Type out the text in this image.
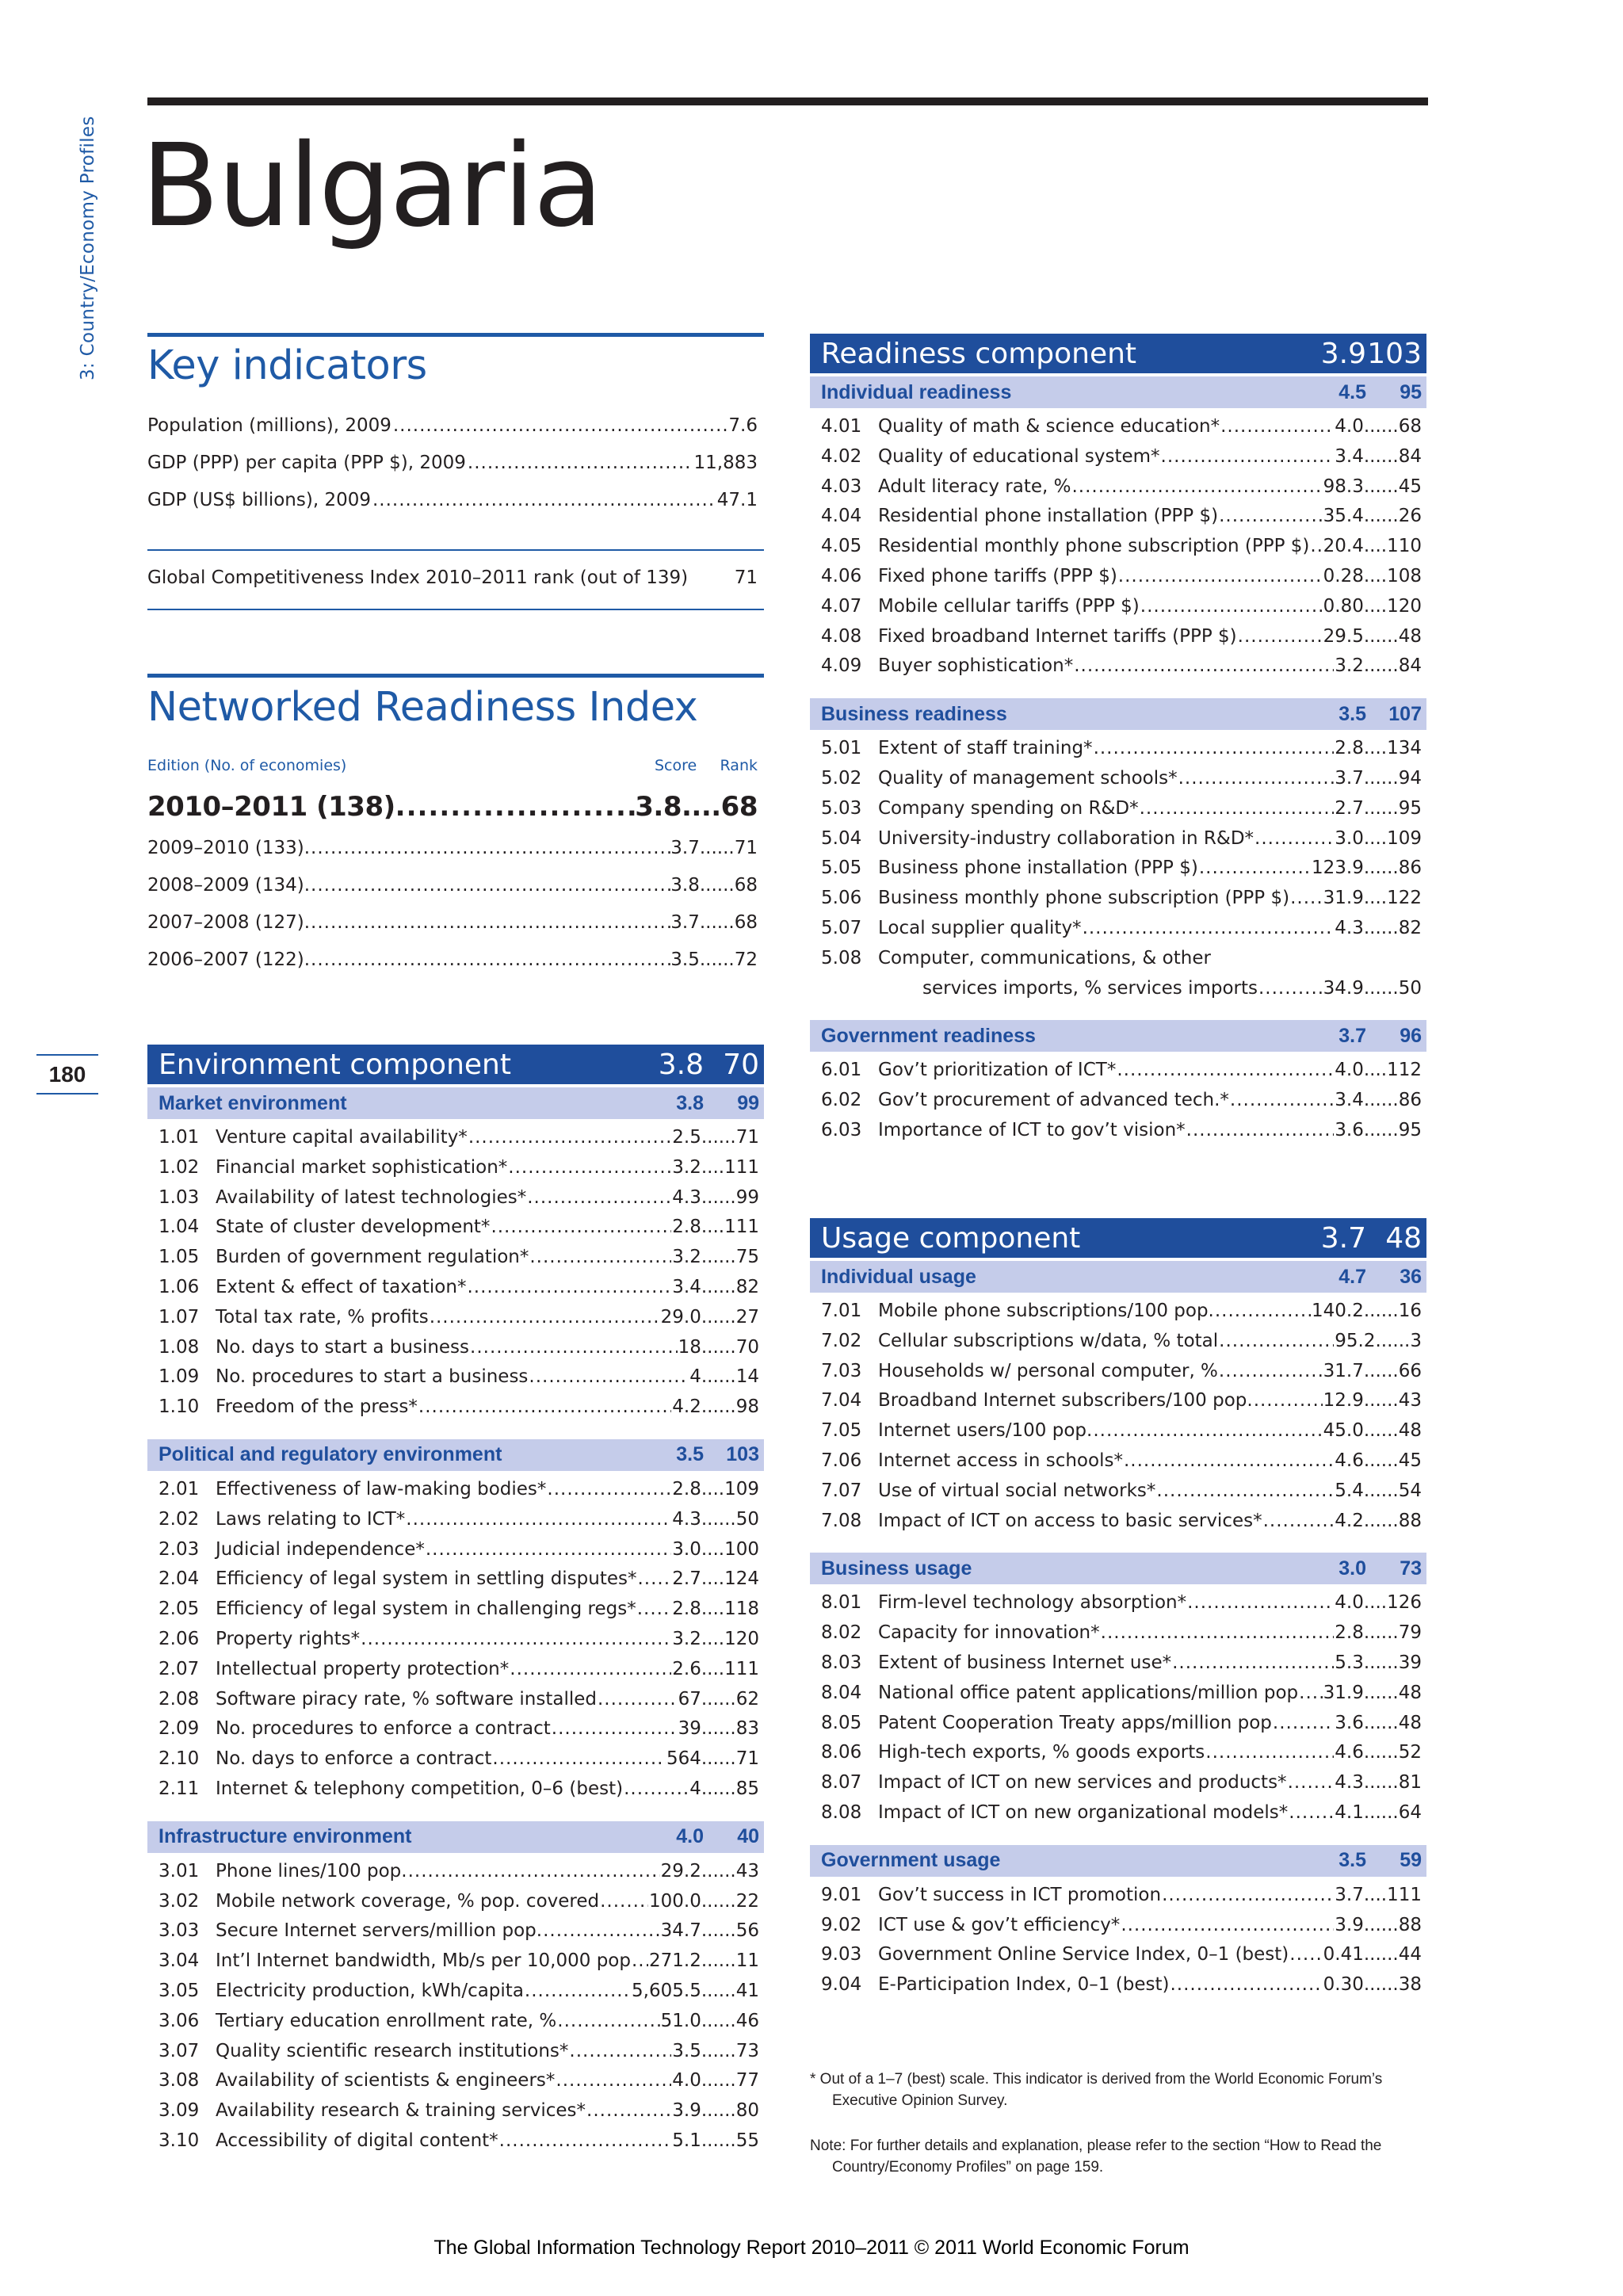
3: Country/Economy Profiles
180
Bulgaria
Key indicators
Population (millions), 2009 .....	7.6
GDP (PPP) per capita (PPP $), 2009 .....	11,883
GDP (US$ billions), 2009 .....	47.1
Global Competitiveness Index 2010–2011 rank (out of 139)	71
Networked Readiness Index
Edition (No. of economies)	Score	Rank
2010–2011 (138) .....	3.8 .... 68
2009–2010 (133) .....	3.7 ...... 71
2008–2009 (134) .....	3.8 ...... 68
2007–2008 (127) .....	3.7 ...... 68
2006–2007 (122) .....	3.5 ...... 72
Environment component	3.8 70
Market environment	3.8	99
1.01 Venture capital availability* .....	2.5 ...... 71
1.02 Financial market sophistication* .....	3.2 .... 111
1.03 Availability of latest technologies* .....	4.3 ...... 99
1.04 State of cluster development* .....	2.8 .... 111
1.05 Burden of government regulation* .....	3.2 ...... 75
1.06 Extent & effect of taxation* .....	3.4 ...... 82
1.07 Total tax rate, % profits .....	29.0 ...... 27
1.08 No. days to start a business .....	18 ...... 70
1.09 No. procedures to start a business .....	4 ...... 14
1.10 Freedom of the press* .....	4.2 ...... 98
Political and regulatory environment	3.5	103
2.01 Effectiveness of law-making bodies* .....	2.8 .... 109
2.02 Laws relating to ICT* .....	4.3 ...... 50
2.03 Judicial independence* .....	3.0 .... 100
2.04 Efficiency of legal system in settling disputes* ..... 2.7 .... 124
2.05 Efficiency of legal system in challenging regs* ..... 2.8 .... 118
2.06 Property rights* .....	3.2 .... 120
2.07 Intellectual property protection* .....	2.6 .... 111
2.08 Software piracy rate, % software installed .....	67 ...... 62
2.09 No. procedures to enforce a contract .....	39 ...... 83
2.10 No. days to enforce a contract .....	564 ...... 71
2.11 Internet & telephony competition, 0–6 (best) .....	4 ...... 85
Infrastructure environment	4.0	40
3.01 Phone lines/100 pop. .....	29.2 ...... 43
3.02 Mobile network coverage, % pop. covered .....	100.0 ...... 22
3.03 Secure Internet servers/million pop. .....	34.7 ...... 56
3.04 Int’l Internet bandwidth, Mb/s per 10,000 pop ..... 271.2 ...... 11
3.05 Electricity production, kWh/capita .....	5,605.5 ...... 41
3.06 Tertiary education enrollment rate, % .....	51.0 ...... 46
3.07 Quality scientific research institutions* .....	3.5 ...... 73
3.08 Availability of scientists & engineers* .....	4.0 ...... 77
3.09 Availability research & training services* .....	3.9 ...... 80
3.10 Accessibility of digital content* .....	5.1 ...... 55
Readiness component	3.9 103
Individual readiness	4.5	95
4.01 Quality of math & science education* .....	4.0 ...... 68
4.02 Quality of educational system* .....	3.4 ...... 84
4.03 Adult literacy rate, % .....	98.3 ...... 45
4.04 Residential phone installation (PPP $) .....	35.4 ...... 26
4.05 Residential monthly phone subscription (PPP $) ..... 20.4 .... 110
4.06 Fixed phone tariffs (PPP $) .....	0.28 .... 108
4.07 Mobile cellular tariffs (PPP $) .....	0.80 .... 120
4.08 Fixed broadband Internet tariffs (PPP $) .....	29.5 ...... 48
4.09 Buyer sophistication* .....	3.2 ...... 84
Business readiness	3.5	107
5.01 Extent of staff training* .....	2.8 .... 134
5.02 Quality of management schools* .....	3.7 ...... 94
5.03 Company spending on R&D* .....	2.7 ...... 95
5.04 University-industry collaboration in R&D* .....	3.0 .... 109
5.05 Business phone installation (PPP $) .....	123.9 ...... 86
5.06 Business monthly phone subscription (PPP $) ..... 31.9 .... 122
5.07 Local supplier quality* .....	4.3 ...... 82
5.08 Computer, communications, & other
services imports, % services imports .....	34.9 ...... 50
Government readiness	3.7	96
6.01 Gov’t prioritization of ICT* .....	4.0 .... 112
6.02 Gov’t procurement of advanced tech.* .....	3.4 ...... 86
6.03 Importance of ICT to gov’t vision* .....	3.6 ...... 95
Usage component	3.7 48
Individual usage	4.7	36
7.01 Mobile phone subscriptions/100 pop. .....	140.2 ...... 16
7.02 Cellular subscriptions w/data, % total .....	95.2 ...... 3
7.03 Households w/ personal computer, % .....	31.7 ...... 66
7.04 Broadband Internet subscribers/100 pop. .....	12.9 ...... 43
7.05 Internet users/100 pop. .....	45.0 ...... 48
7.06 Internet access in schools* .....	4.6 ...... 45
7.07 Use of virtual social networks* .....	5.4 ...... 54
7.08 Impact of ICT on access to basic services* .....	4.2 ...... 88
Business usage	3.0	73
8.01 Firm-level technology absorption* .....	4.0 .... 126
8.02 Capacity for innovation* .....	2.8 ...... 79
8.03 Extent of business Internet use* .....	5.3 ...... 39
8.04 National office patent applications/million pop ..... 31.9 ...... 48
8.05 Patent Cooperation Treaty apps/million pop .....	3.6 ...... 48
8.06 High-tech exports, % goods exports .....	4.6 ...... 52
8.07 Impact of ICT on new services and products* .....	4.3 ...... 81
8.08 Impact of ICT on new organizational models* .....	4.1 ...... 64
Government usage	3.5	59
9.01 Gov’t success in ICT promotion .....	3.7 .... 111
9.02 ICT use & gov’t efficiency* .....	3.9 ...... 88
9.03 Government Online Service Index, 0–1 (best) ..... 0.41 ...... 44
9.04 E-Participation Index, 0–1 (best) .....	0.30 ...... 38
* Out of a 1–7 (best) scale. This indicator is derived from the World Economic Forum’s Executive Opinion Survey.
Note: For further details and explanation, please refer to the section “How to Read the Country/Economy Profiles” on page 159.
The Global Information Technology Report 2010–2011 © 2011 World Economic Forum
